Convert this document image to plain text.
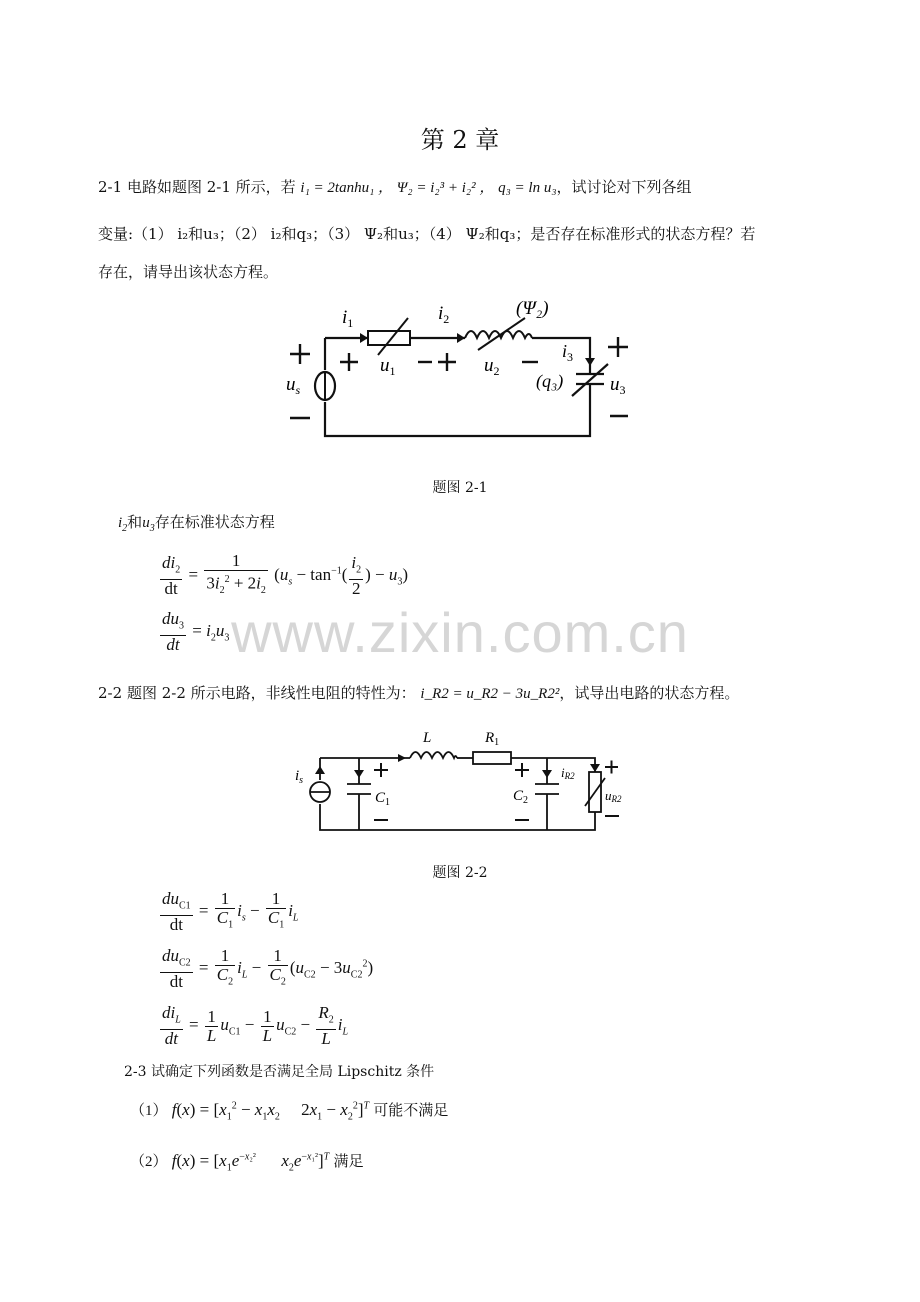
第 2 章
2-1 电路如题图 2-1 所示，若 i₁ = 2tanhu₁ ， Ψ₂ = i₂³ + i₂² ， q₃ = ln u₃，试讨论对下列各组
变量:（1） i₂和u₃；（2） i₂和q₃；（3） Ψ₂和u₃；（4） Ψ₂和q₃；是否存在标准形式的状态方程？若
存在，请导出该状态方程。
$i_1$	$i_2$	(Ψ₂)
$u_1$	$u_2$
$i_3$
(q₃) $u_3$
$u_s$
题图 2-1
$i_2$和$u_3$存在标准状态方程
$\frac{di_2}{dt} = \frac{1}{3i_2^2 + 2i_2} (u_s - \tan^{-1}( \frac{i_2}{2}$ ) − $u_3$)
$\frac{du_3}{dt} = i_2u_3$ www.zixin.com.cn
2-2 题图 2-2 所示电路，非线性电阻的特性为： i_R2 = u_R2 − 3u_R2²，试导出电路的状态方程。
L	$R_1$
$i_s$
$C_1$	$C_2$
iR2
uR2
题图 2-2
$\frac{du_{C1}}{dt} = \frac{1}{C_1} i_s - \frac{1}{C_1} i_L$
$\frac{du_{C2}}{dt} = \frac{1}{C_2} i_L - \frac{1}{C_2} (u_{C2} - 3u_{C2}^2)$
$\frac{di_L}{dt} = \frac{1}{L} u_{C1} - \frac{1}{L} u_{C2} - \frac{R_2}{L} i_L$
2-3 试确定下列函数是否满足全局 Lipschitz 条件
（1） $f(x) = [x_1^2 - x_1x_2$     $2x_1 - x_2^2]^T$ 可能不满足
（2） $f(x) = [x_1e^{-x_2^2}$ $x_2e^{-x_1^2}]^T$ 满足
